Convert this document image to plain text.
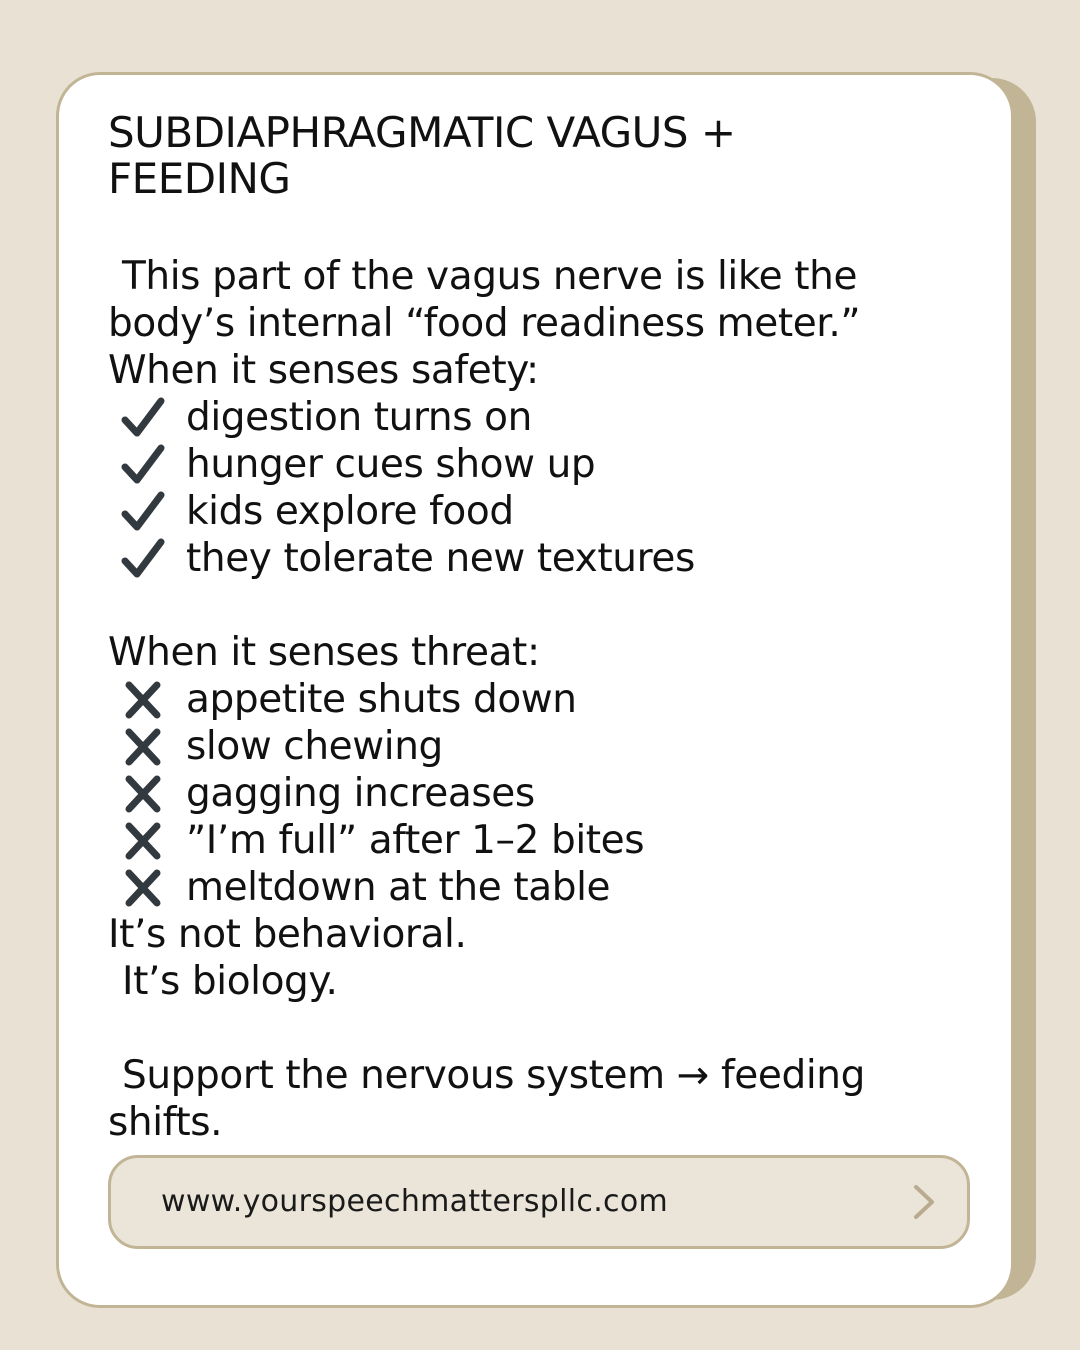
SUBDIAPHRAGMATIC VAGUS +
FEEDING
This part of the vagus nerve is like the
body’s internal “food readiness meter.”
When it senses safety:
digestion turns on
hunger cues show up
kids explore food
they tolerate new textures
When it senses threat:
appetite shuts down
slow chewing
gagging increases
”I’m full” after 1–2 bites
meltdown at the table
It’s not behavioral.
It’s biology.
Support the nervous system → feeding
shifts.
www.yourspeechmatterspllc.com
